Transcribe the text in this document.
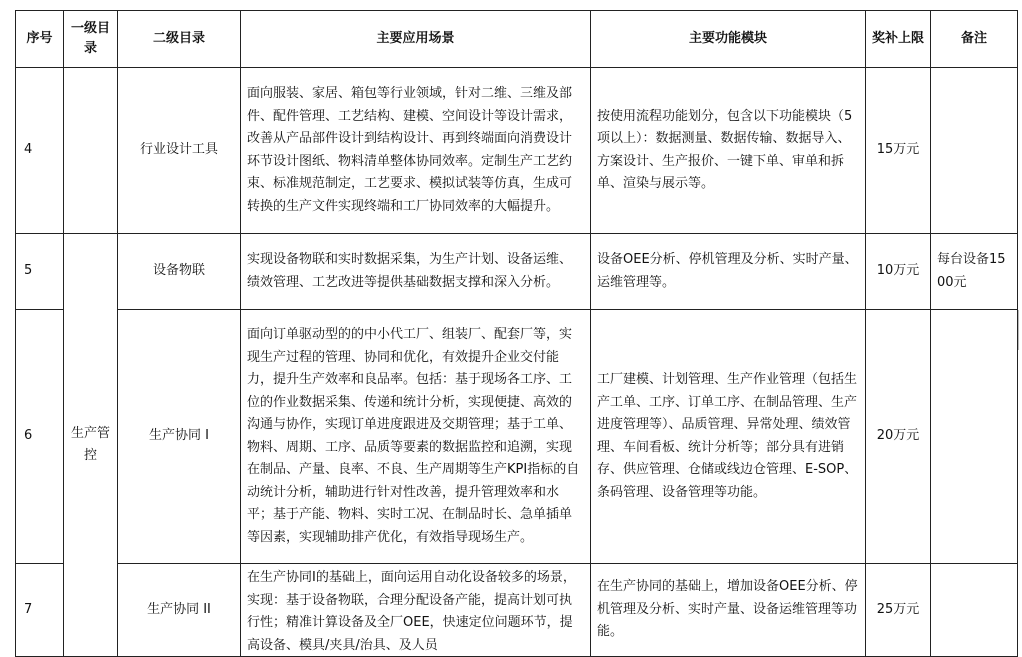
序号	一级目录	二级目录	主要应用场景	主要功能模块	奖补上限	备注
4		行业设计工具	面向服装、家居、箱包等行业领域，针对二维、三维及部件、配件管理、工艺结构、建模、空间设计等设计需求，改善从产品部件设计到结构设计、再到终端面向消费设计环节设计图纸、物料清单整体协同效率。定制生产工艺约束、标准规范制定，工艺要求、模拟试装等仿真，生成可转换的生产文件实现终端和工厂协同效率的大幅提升。	按使用流程功能划分，包含以下功能模块（5项以上）：数据测量、数据传输、数据导入、方案设计、生产报价、一键下单、审单和拆单、渲染与展示等。	15万元	
5	生产管控	设备物联	实现设备物联和实时数据采集，为生产计划、设备运维、绩效管理、工艺改进等提供基础数据支撑和深入分析。	设备OEE分析、停机管理及分析、实时产量、运维管理等。	10万元	每台设备1500元
6		生产协同 I	面向订单驱动型的的中小代工厂、组装厂、配套厂等，实现生产过程的管理、协同和优化，有效提升企业交付能力，提升生产效率和良品率。包括：基于现场各工序、工位的作业数据采集、传递和统计分析，实现便捷、高效的沟通与协作，实现订单进度跟进及交期管理；基于工单、物料、周期、工序、品质等要素的数据监控和追溯，实现在制品、产量、良率、不良、生产周期等生产KPI指标的自动统计分析，辅助进行针对性改善，提升管理效率和水平；基于产能、物料、实时工况、在制品时长、急单插单等因素，实现辅助排产优化，有效指导现场生产。	工厂建模、计划管理、生产作业管理（包括生产工单、工序、订单工序、在制品管理、生产进度管理等）、品质管理、异常处理、绩效管理、车间看板、统计分析等；部分具有进销存、供应管理、仓储或线边仓管理、E-SOP、条码管理、设备管理等功能。	20万元	
7		生产协同 II	在生产协同I的基础上，面向运用自动化设备较多的场景，实现：基于设备物联，合理分配设备产能，提高计划可执行性；精准计算设备及全厂OEE，快速定位问题环节，提高设备、模具/夹具/治具、及人员	在生产协同的基础上，增加设备OEE分析、停机管理及分析、实时产量、设备运维管理等功能。	25万元	
